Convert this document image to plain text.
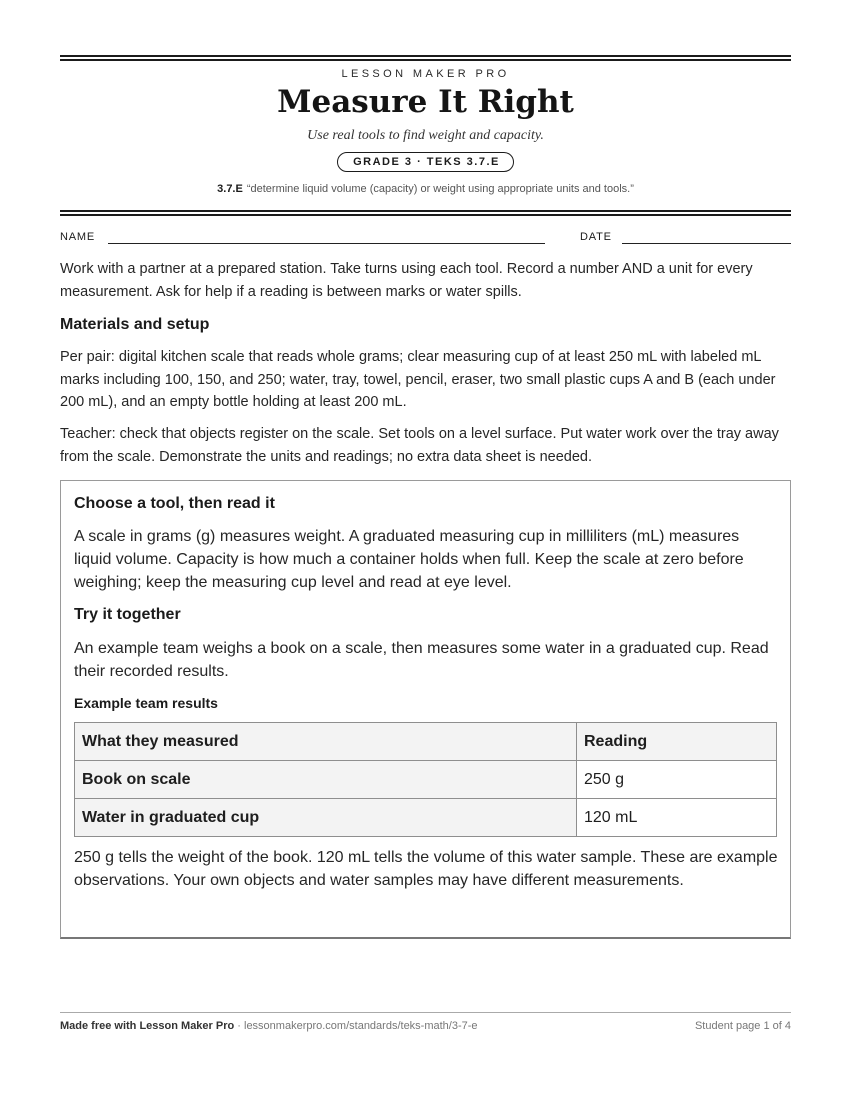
LESSON MAKER PRO
Measure It Right
Use real tools to find weight and capacity.
GRADE 3 · TEKS 3.7.E
3.7.E “determine liquid volume (capacity) or weight using appropriate units and tools.”
NAME	DATE

Work with a partner at a prepared station. Take turns using each tool. Record a number AND a unit for every measurement. Ask for help if a reading is between marks or water spills.

Materials and setup

Per pair: digital kitchen scale that reads whole grams; clear measuring cup of at least 250 mL with labeled mL marks including 100, 150, and 250; water, tray, towel, pencil, eraser, two small plastic cups A and B (each under 200 mL), and an empty bottle holding at least 200 mL.

Teacher: check that objects register on the scale. Set tools on a level surface. Put water work over the tray away from the scale. Demonstrate the units and readings; no extra data sheet is needed.

Choose a tool, then read it

A scale in grams (g) measures weight. A graduated measuring cup in milliliters (mL) measures liquid volume. Capacity is how much a container holds when full. Keep the scale at zero before weighing; keep the measuring cup level and read at eye level.

Try it together

An example team weighs a book on a scale, then measures some water in a graduated cup. Read their recorded results.

Example team results
What they measured	Reading
Book on scale	250 g
Water in graduated cup	120 mL

250 g tells the weight of the book. 120 mL tells the volume of this water sample. These are example observations. Your own objects and water samples may have different measurements.

Made free with Lesson Maker Pro · lessonmakerpro.com/standards/teks-math/3-7-e	Student page 1 of 4
